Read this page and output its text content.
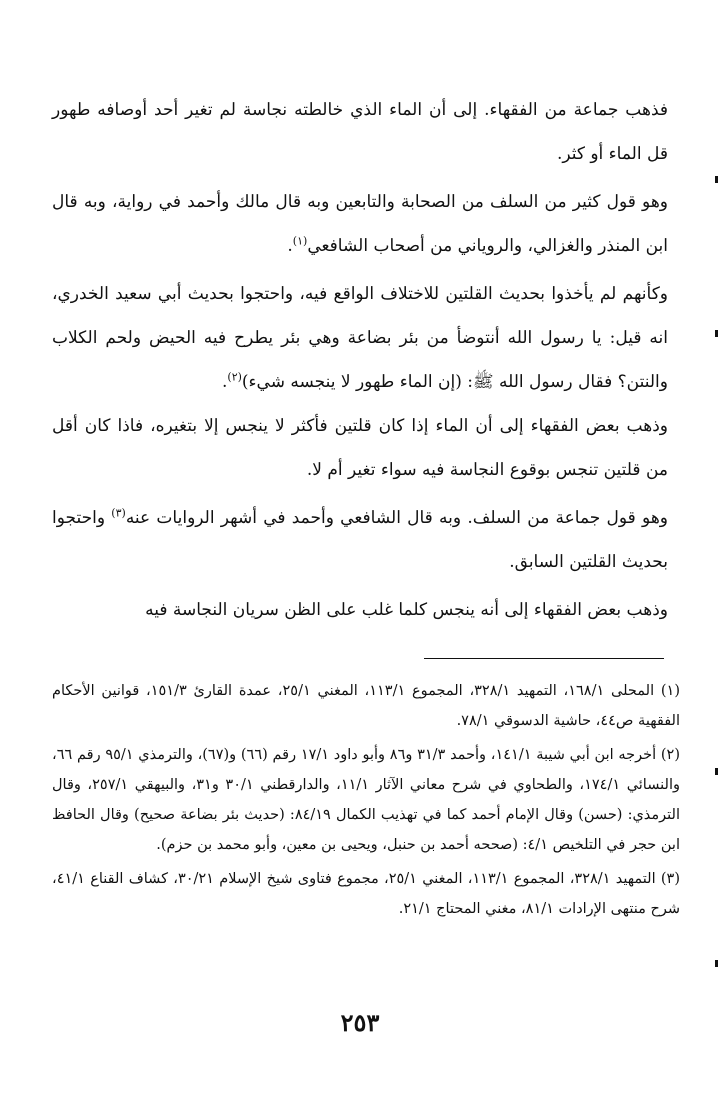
فذهب جماعة من الفقهاء. إلى أن الماء الذي خالطته نجاسة لم تغير أحد أوصافه طهور قل الماء أو كثر.

وهو قول كثير من السلف من الصحابة والتابعين وبه قال مالك وأحمد في رواية، وبه قال ابن المنذر والغزالي، والروياني من أصحاب الشافعي$^{(١)}$.

وكأنهم لم يأخذوا بحديث القلتين للاختلاف الواقع فيه، واحتجوا بحديث أبي سعيد الخدري، انه قيل: يا رسول الله أنتوضأ من بئر بضاعة وهي بئر يطرح فيه الحيض ولحم الكلاب والنتن؟ فقال رسول الله ﷺ: (إن الماء طهور لا ينجسه شيء)$^{(٢)}$.

وذهب بعض الفقهاء إلى أن الماء إذا كان قلتين فأكثر لا ينجس إلا بتغيره، فاذا كان أقل من قلتين تنجس بوقوع النجاسة فيه سواء تغير أم لا.

وهو قول جماعة من السلف. وبه قال الشافعي وأحمد في أشهر الروايات عنه$^{(٣)}$ واحتجوا بحديث القلتين السابق.

وذهب بعض الفقهاء إلى أنه ينجس كلما غلب على الظن سريان النجاسة فيه

(١) المحلى ١٦٨/١، التمهيد ٣٢٨/١، المجموع ١١٣/١، المغني ٢٥/١، عمدة القارئ ١٥١/٣، قوانين الأحكام الفقهية ص٤٤، حاشية الدسوقي ٧٨/١.

(٢) أخرجه ابن أبي شيبة ١٤١/١، وأحمد ٣١/٣ و٨٦ وأبو داود ١٧/١ رقم (٦٦) و(٦٧)، والترمذي ٩٥/١ رقم ٦٦، والنسائي ١٧٤/١، والطحاوي في شرح معاني الآثار ١١/١، والدارقطني ٣٠/١ و٣١، والبيهقي ٢٥٧/١، وقال الترمذي: (حسن) وقال الإمام أحمد كما في تهذيب الكمال ٨٤/١٩: (حديث بئر بضاعة صحيح) وقال الحافظ ابن حجر في التلخيص ٤/١: (صححه أحمد بن حنبل، ويحيى بن معين، وأبو محمد بن حزم).

(٣) التمهيد ٣٢٨/١، المجموع ١١٣/١، المغني ٢٥/١، مجموع فتاوى شيخ الإسلام ٣٠/٢١، كشاف القناع ٤١/١، شرح منتهى الإرادات ٨١/١، مغني المحتاج ٢١/١.

٢٥٣
